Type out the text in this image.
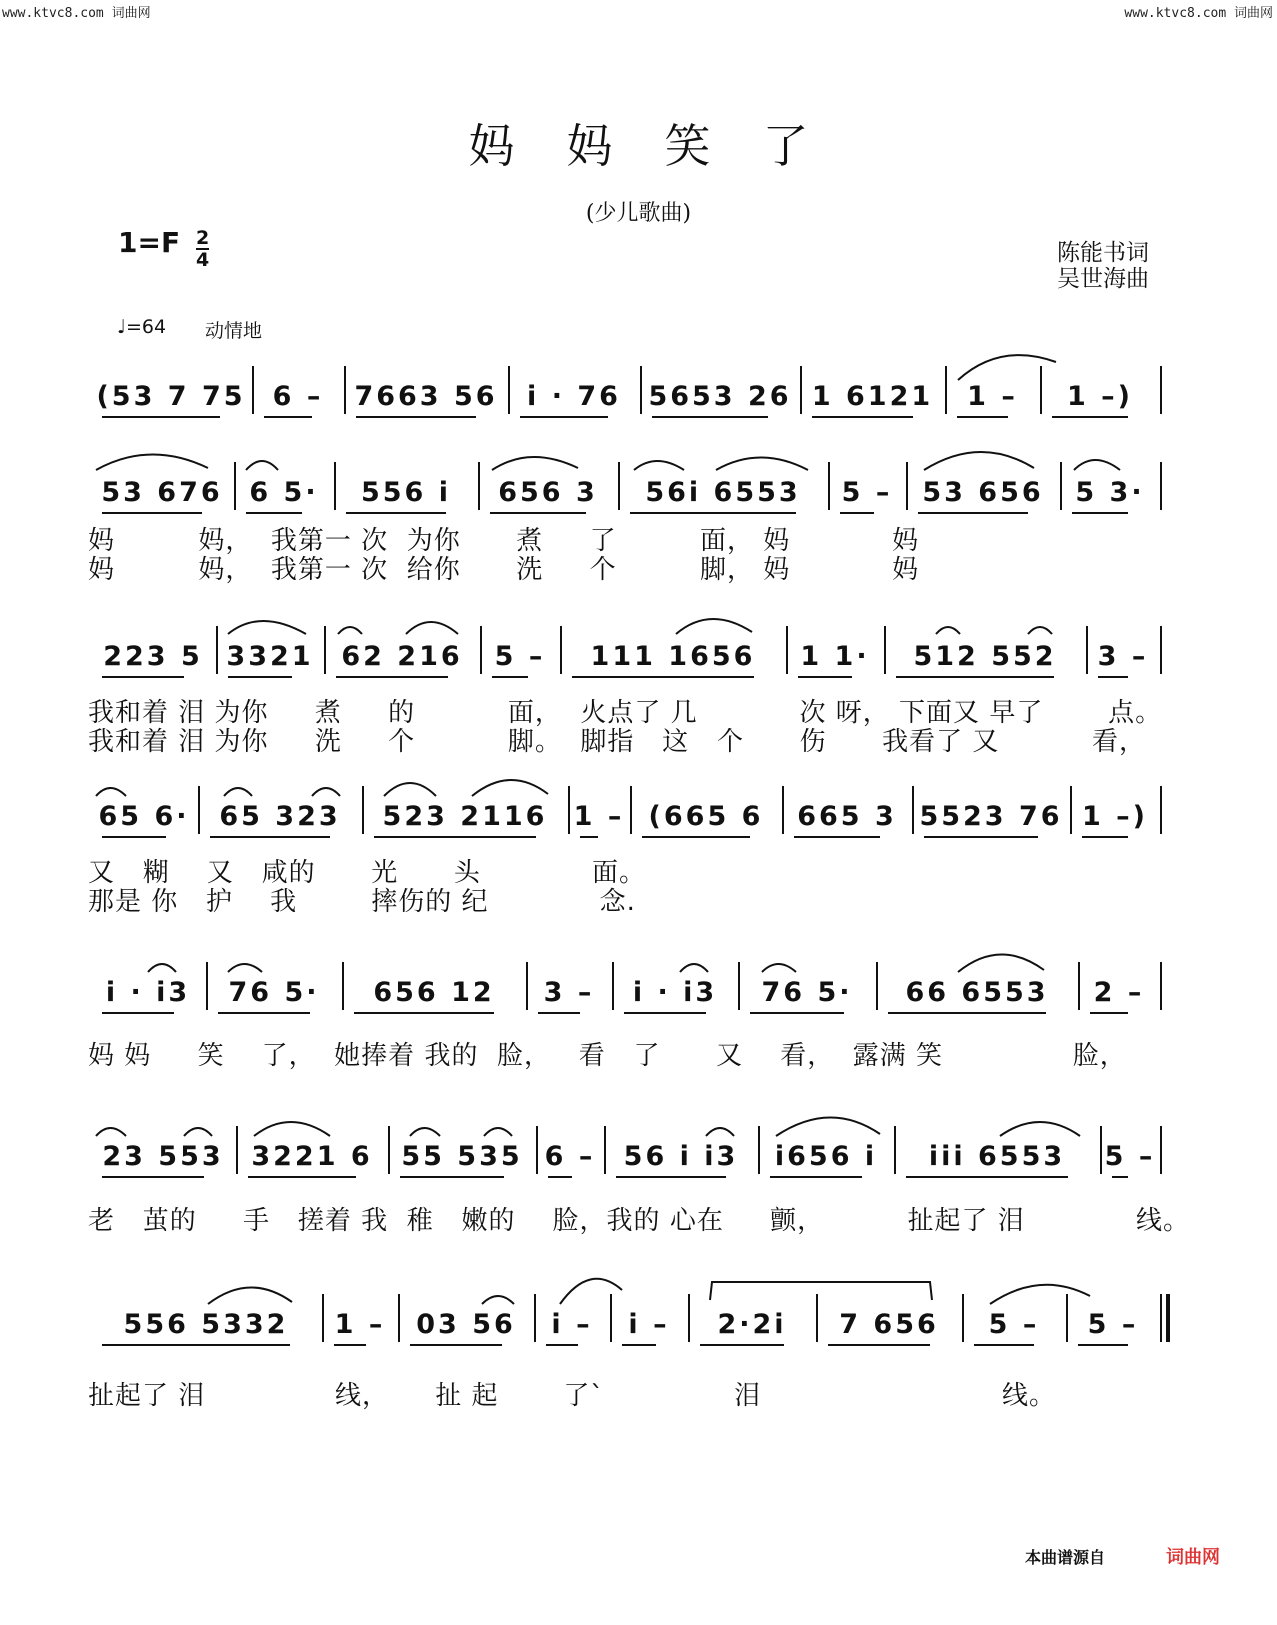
www.ktvc8.com 词曲网	www.ktvc8.com 词曲网
妈妈笑了
(少儿歌曲)
1=F 2
4	陈能书词
吴世海曲
♩=64 动情地
(53 7 75	6 –	7663 56	i · 76	5653 26 1 6121	1 –	1 –)
53 676 6 5·	556 i	656 3	56i 6553	5 –	53 656	5 3·
223 5 3321	62 216	5 –	111 1656	1 1·	512 552	3 –
65 6·	65 323	523 2116 1 – (665 6	665 3 5523 76 1 –)
i · i3	76 5·	656 12	3 –	i · i3	76 5·	66 6553	2 –
23 553	3221 6	55 535 6 –	56 i i3	i656 i	iii 6553	5 –
556 5332	1 –	03 56	i –	i –	2·2i	7 656	5 –	5 –
妈         妈，  我第一 次  为你      煮     了         面， 妈           妈
妈         妈，  我第一 次  给你      洗     个         脚， 妈           妈
我和着 泪 为你     煮     的          面，  火点了 几           次 呀， 下面又 早了       点。
我和着 泪 为你     洗     个          脚。  脚指   这   个      伤      我看了 又          看，
又   糊    又   咸的      光      头            面。
那是 你   护    我        摔伤的 纪            念.
妈 妈     笑    了，  她捧着 我的  脸，   看   了      又    看，  露满 笑              脸，
老   茧的     手   搓着 我  稚   嫩的    脸，我的 心在     颤，         扯起了 泪            线。
扯起了 泪              线，     扯 起       了`              泪                          线。
本曲谱源自	词曲网
